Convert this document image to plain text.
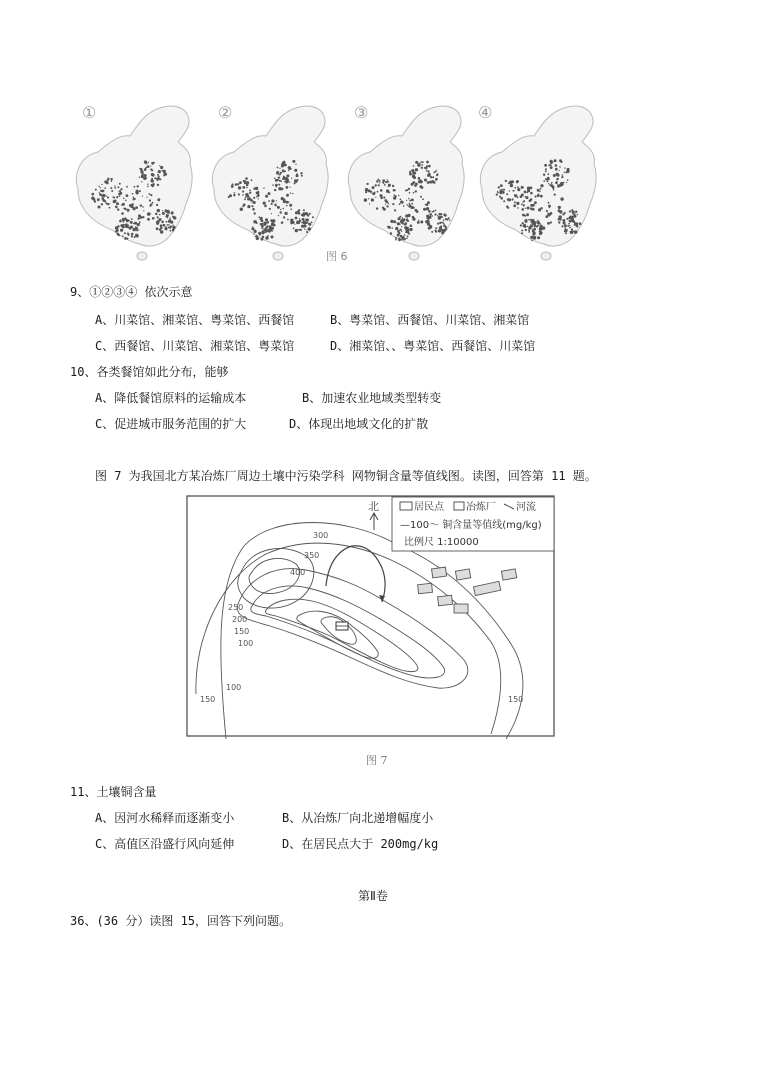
①	②	③	④
图 6
9、①②③④ 依次示意
A、川菜馆、湘菜馆、粤菜馆、西餐馆	B、粤菜馆、西餐馆、川菜馆、湘菜馆
C、西餐馆、川菜馆、湘菜馆、粤菜馆	D、湘菜馆、、粤菜馆、西餐馆、川菜馆
10、各类餐馆如此分布，能够
A、降低餐馆原料的运输成本	B、加速农业地域类型转变
C、促进城市服务范围的扩大	D、体现出地域文化的扩散
图 7 为我国北方某冶炼厂周边土壤中污染学科 网物铜含量等值线图。读图，回答第 11 题。
北	居民点 冶炼厂 河流
—100～ 铜含量等值线(mg/kg)
比例尺 1:10000
300
350
400
250
200
150
100
100
150	150
图 7
11、土壤铜含量
A、因河水稀释而逐渐变小	B、从冶炼厂向北递增幅度小
C、高值区沿盛行风向延伸	D、在居民点大于 200mg/kg
第Ⅱ卷
36、(36 分）读图 15，回答下列问题。
